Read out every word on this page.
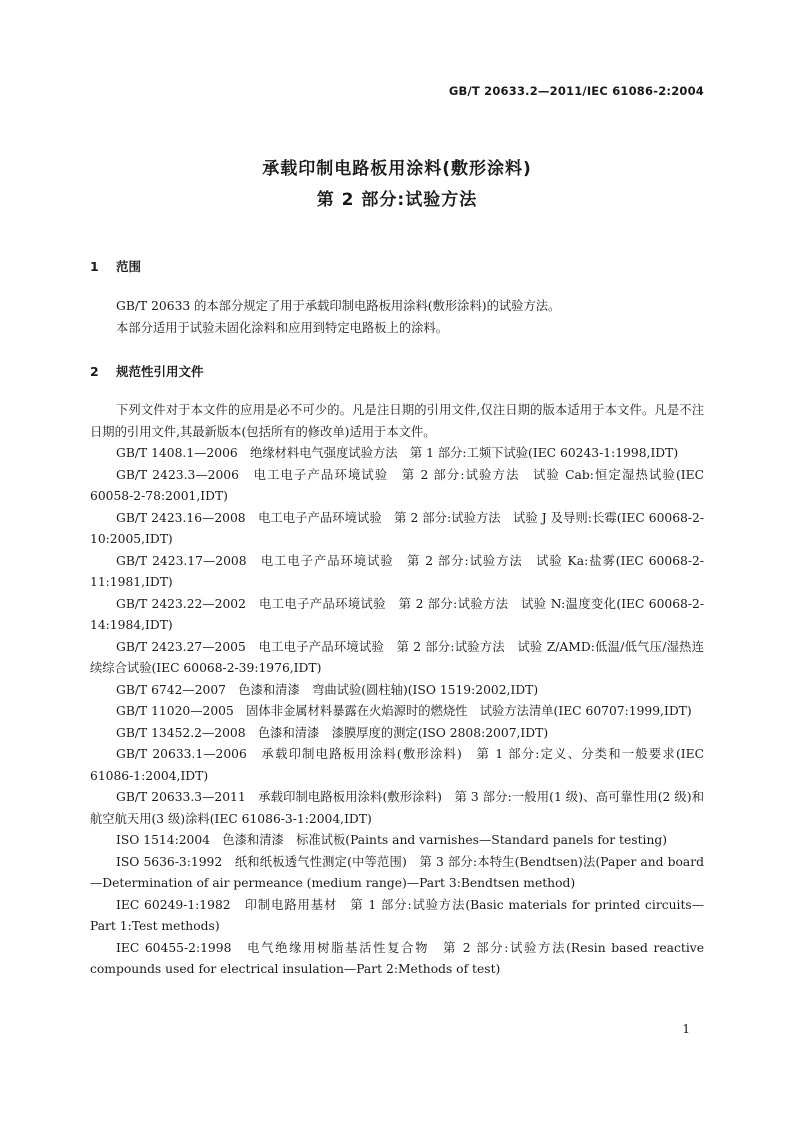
GB/T 20633.2—2011/IEC 61086-2:2004
承载印制电路板用涂料(敷形涂料)
第 2 部分:试验方法
1 范围
GB/T 20633 的本部分规定了用于承载印制电路板用涂料(敷形涂料)的试验方法。
本部分适用于试验未固化涂料和应用到特定电路板上的涂料。
2 规范性引用文件
下列文件对于本文件的应用是必不可少的。凡是注日期的引用文件,仅注日期的版本适用于本文件。凡是不注日期的引用文件,其最新版本(包括所有的修改单)适用于本文件。
GB/T 1408.1—2006　绝缘材料电气强度试验方法　第 1 部分:工频下试验(IEC 60243-1:1998,IDT)
GB/T 2423.3—2006　电工电子产品环境试验　第 2 部分:试验方法　试验 Cab:恒定湿热试验(IEC 60058-2-78:2001,IDT)
GB/T 2423.16—2008　电工电子产品环境试验　第 2 部分:试验方法　试验 J 及导则:长霉(IEC 60068-2-10:2005,IDT)
GB/T 2423.17—2008　电工电子产品环境试验　第 2 部分:试验方法　试验 Ka:盐雾(IEC 60068-2-11:1981,IDT)
GB/T 2423.22—2002　电工电子产品环境试验　第 2 部分:试验方法　试验 N:温度变化(IEC 60068-2-14:1984,IDT)
GB/T 2423.27—2005　电工电子产品环境试验　第 2 部分:试验方法　试验 Z/AMD:低温/低气压/湿热连续综合试验(IEC 60068-2-39:1976,IDT)
GB/T 6742—2007　色漆和清漆　弯曲试验(圆柱轴)(ISO 1519:2002,IDT)
GB/T 11020—2005　固体非金属材料暴露在火焰源时的燃烧性　试验方法清单(IEC 60707:1999,IDT)
GB/T 13452.2—2008　色漆和清漆　漆膜厚度的测定(ISO 2808:2007,IDT)
GB/T 20633.1—2006　承载印制电路板用涂料(敷形涂料)　第 1 部分:定义、分类和一般要求(IEC 61086-1:2004,IDT)
GB/T 20633.3—2011　承载印制电路板用涂料(敷形涂料)　第 3 部分:一般用(1 级)、高可靠性用(2 级)和航空航天用(3 级)涂料(IEC 61086-3-1:2004,IDT)
ISO 1514:2004　色漆和清漆　标准试板(Paints and varnishes—Standard panels for testing)
ISO 5636-3:1992　纸和纸板透气性测定(中等范围)　第 3 部分:本特生(Bendtsen)法(Paper and board—Determination of air permeance (medium range)—Part 3:Bendtsen method)
IEC 60249-1:1982　印制电路用基材　第 1 部分:试验方法(Basic materials for printed circuits—Part 1:Test methods)
IEC 60455-2:1998　电气绝缘用树脂基活性复合物　第 2 部分:试验方法(Resin based reactive compounds used for electrical insulation—Part 2:Methods of test)
1
